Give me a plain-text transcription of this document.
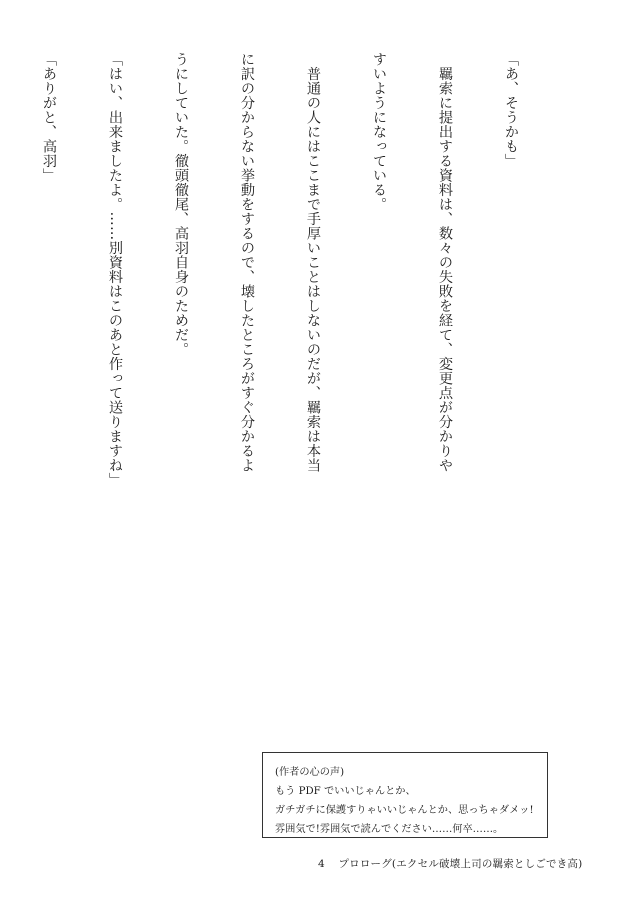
「あ、そうかも」

　羈索に提出する資料は、数々の失敗を経て、変更点が分かりや

すいようになっている。

　普通の人にはここまで手厚いことはしないのだが、羈索は本当

に訳の分からない挙動をするので、壊したところがすぐ分かるよ

うにしていた。徹頭徹尾、高羽自身のためだ。

「はい、出来ましたよ。……別資料はこのあと作って送りますね」

「ありがと、高羽」

(作者の心の声)
もう PDF でいいじゃんとか、
ガチガチに保護すりゃいいじゃんとか、思っちゃダメッ!
雰囲気で!雰囲気で読んでください……何卒……。
4 プロローグ(エクセル破壊上司の羈索としごでき高)
